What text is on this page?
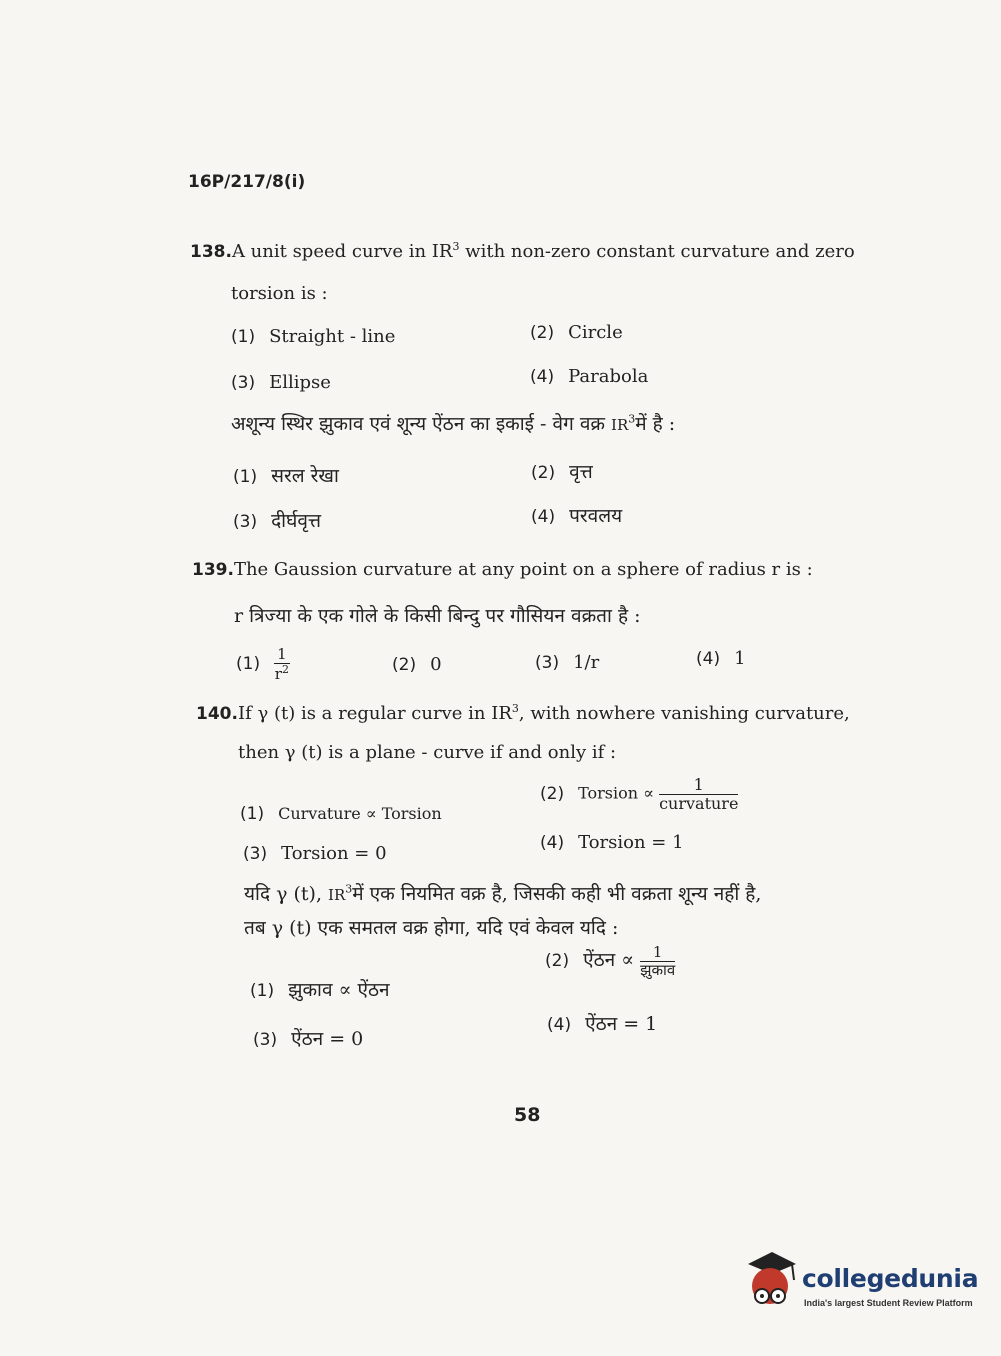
16P/217/8(i)
138.A unit speed curve in $IR^3$ with non-zero constant curvature and zero
torsion is :
(1) Straight - line	(2) Circle
(3) Ellipse	(4) Parabola
अशून्य स्थिर झुकाव एवं शून्य ऐंठन का इकाई - वेग वक्र $IR^3में$ है :
(1) सरल रेखा	(2) वृत्त
(3) दीर्घवृत्त	(4) परवलय
139.The Gaussion curvature at any point on a sphere of radius r is :
r त्रिज्या के एक गोले के किसी बिन्दु पर गौसियन वक्रता है :
$(1) \frac{1}{r^2}$	(2) 0	(3) 1/r	(4) 1
140.If γ (t) is a regular curve in $IR^3$, with nowhere vanishing curvature,
then γ (t) is a plane - curve if and only if :
(1) Curvature ∝ Torsion
(2) Torsion ∝ $\frac{1}{\text{curvature}}$
(3) Torsion = 0	(4) Torsion = 1
यदि γ (t), $IR^3में$ एक नियमित वक्र है, जिसकी कही भी वक्रता शून्य नहीं है,
तब γ (t) एक समतल वक्र होगा, यदि एवं केवल यदि :
(1) झुकाव ∝ ऐंठन
(2) ऐंठन ∝ $\frac{1}{\text{झुकाव}}$
(3) ऐंठन = 0
(4) ऐंठन = 1
58
collegedunia
India's largest Student Review Platform
